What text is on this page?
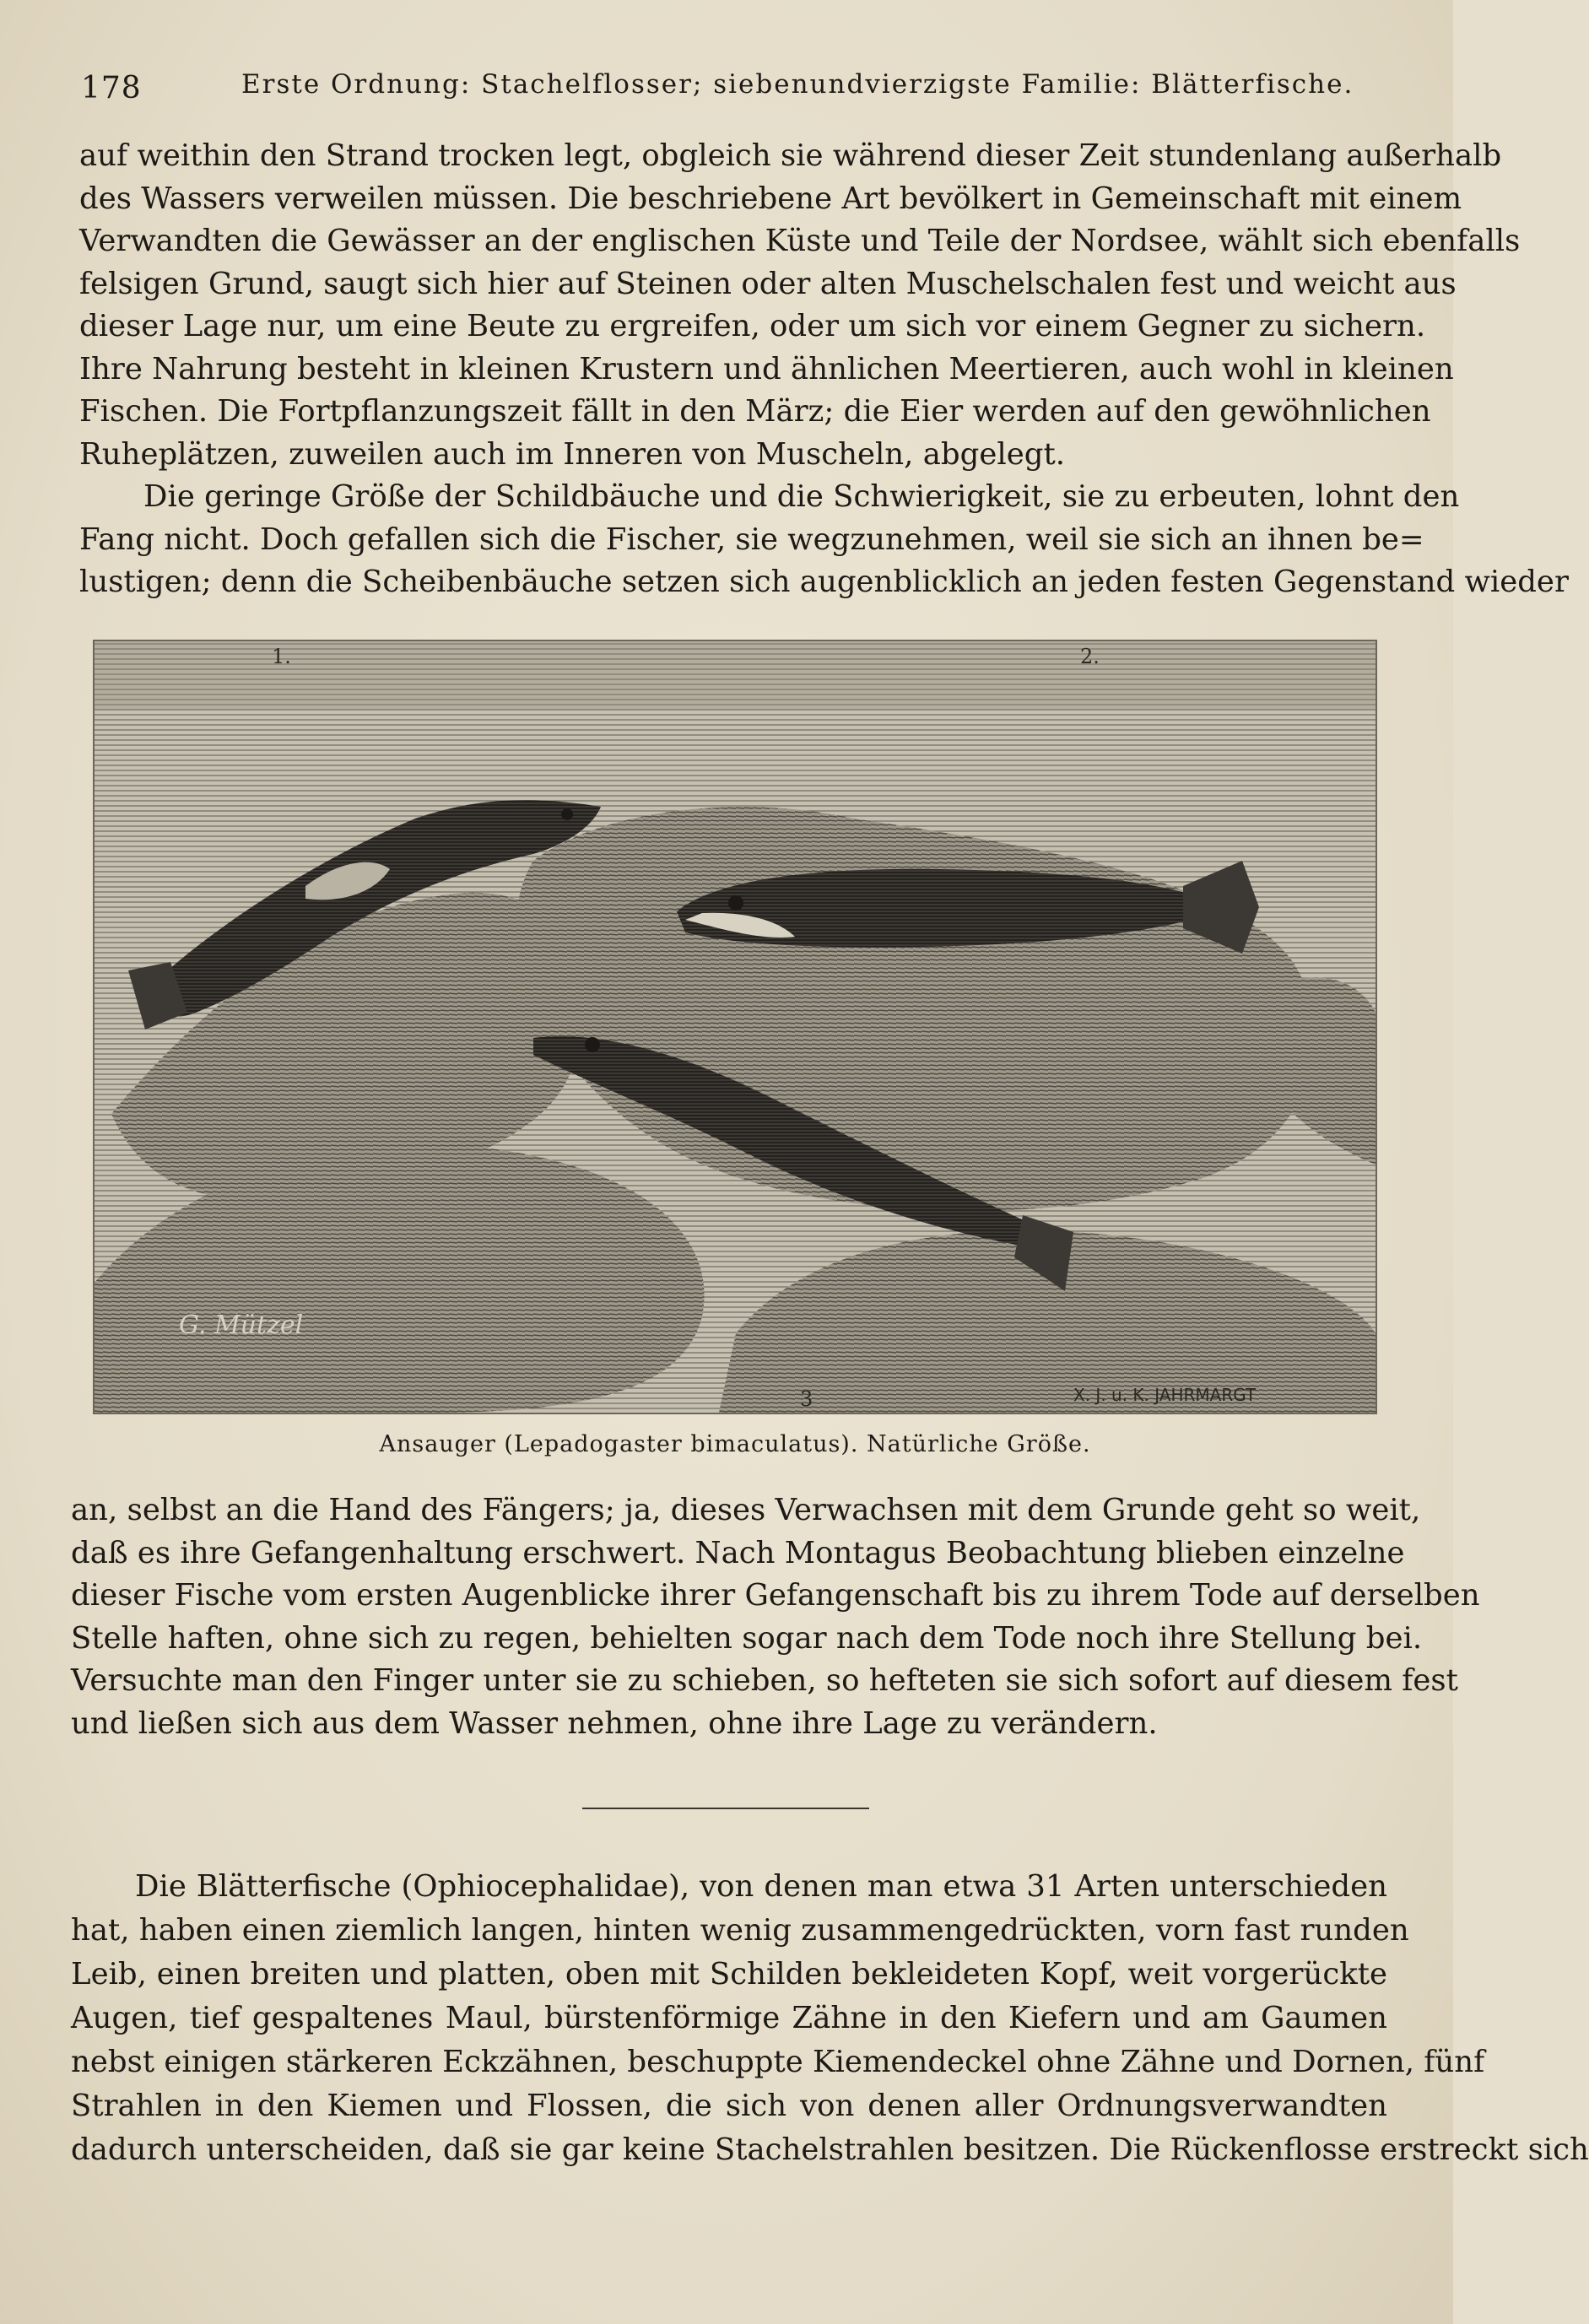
178	Erste Ordnung: Stachelflosser; siebenundvierzigste Familie: Blätterfische.
auf weithin den Strand trocken legt, obgleich sie während dieser Zeit stundenlang außerhalb
des Wassers verweilen müssen. Die beschriebene Art bevölkert in Gemeinschaft mit einem
Verwandten die Gewässer an der englischen Küste und Teile der Nordsee, wählt sich ebenfalls
felsigen Grund, saugt sich hier auf Steinen oder alten Muschelschalen fest und weicht aus
dieser Lage nur, um eine Beute zu ergreifen, oder um sich vor einem Gegner zu sichern.
Ihre Nahrung besteht in kleinen Krustern und ähnlichen Meertieren, auch wohl in kleinen
Fischen. Die Fortpflanzungszeit fällt in den März; die Eier werden auf den gewöhnlichen
Ruheplätzen, zuweilen auch im Inneren von Muscheln, abgelegt.
Die geringe Größe der Schildbäuche und die Schwierigkeit, sie zu erbeuten, lohnt den
Fang nicht. Doch gefallen sich die Fischer, sie wegzunehmen, weil sie sich an ihnen be=
lustigen; denn die Scheibenbäuche setzen sich augenblicklich an jeden festen Gegenstand wieder
1.	2.
3
G. Mützel
X. J. u. K. JAHRMARGT
Ansauger (Lepadogaster bimaculatus). Natürliche Größe.
an, selbst an die Hand des Fängers; ja, dieses Verwachsen mit dem Grunde geht so weit,
daß es ihre Gefangenhaltung erschwert. Nach Montagus Beobachtung blieben einzelne
dieser Fische vom ersten Augenblicke ihrer Gefangenschaft bis zu ihrem Tode auf derselben
Stelle haften, ohne sich zu regen, behielten sogar nach dem Tode noch ihre Stellung bei.
Versuchte man den Finger unter sie zu schieben, so hefteten sie sich sofort auf diesem fest
und ließen sich aus dem Wasser nehmen, ohne ihre Lage zu verändern.
Die Blätterfische (Ophiocephalidae), von denen man etwa 31 Arten unterschieden
hat, haben einen ziemlich langen, hinten wenig zusammengedrückten, vorn fast runden
Leib, einen breiten und platten, oben mit Schilden bekleideten Kopf, weit vorgerückte
Augen, tief gespaltenes Maul, bürstenförmige Zähne in den Kiefern und am Gaumen
nebst einigen stärkeren Eckzähnen, beschuppte Kiemendeckel ohne Zähne und Dornen, fünf
Strahlen in den Kiemen und Flossen, die sich von denen aller Ordnungsverwandten
dadurch unterscheiden, daß sie gar keine Stachelstrahlen besitzen. Die Rückenflosse erstreckt sich
